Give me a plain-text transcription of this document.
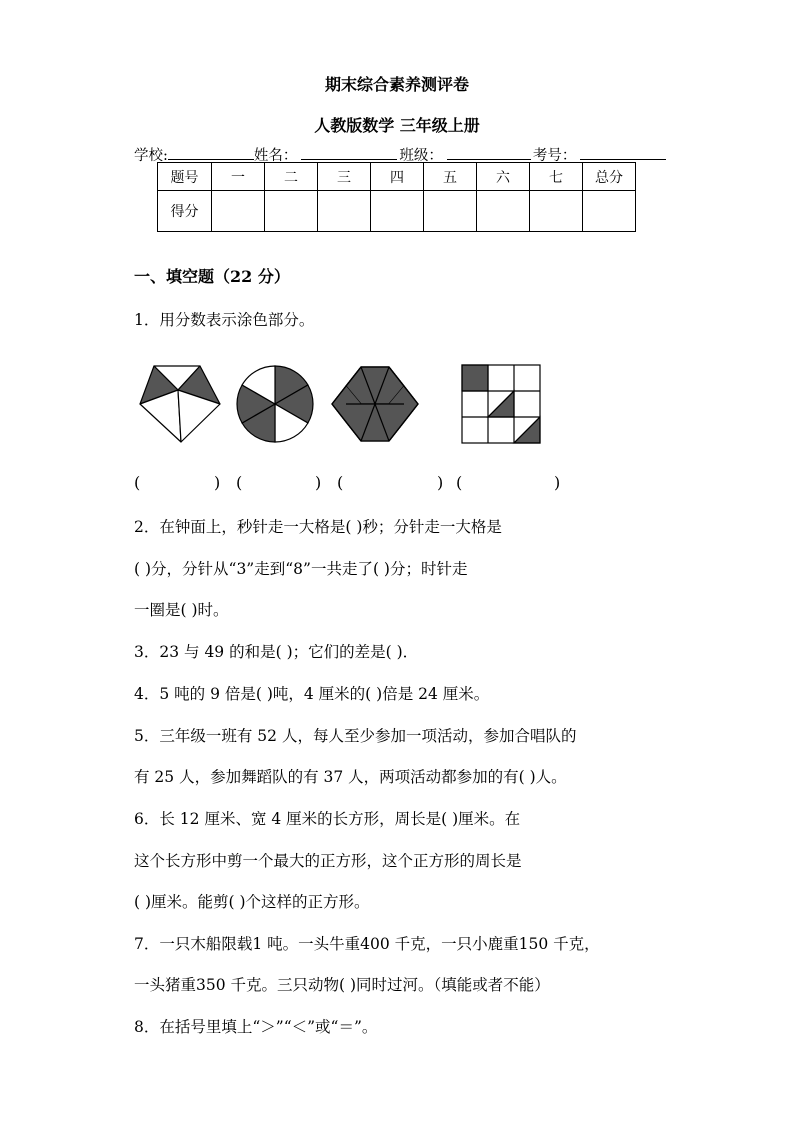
期末综合素养测评卷
人教版数学 三年级上册
学校:	姓名：	班级：	考号：
题号	一	二	三	四	五	六	七	总分
得分								
一、填空题（22 分）
1．用分数表示涂色部分。
(	) (	) (	) (	)
2．在钟面上，秒针走一大格是( )秒；分针走一大格是
( )分，分针从“3”走到“8”一共走了( )分；时针走
一圈是( )时。
3．23 与 49 的和是( )；它们的差是( )．
4．5 吨的 9 倍是( )吨，4 厘米的( )倍是 24 厘米。
5．三年级一班有 52 人，每人至少参加一项活动，参加合唱队的
有 25 人，参加舞蹈队的有 37 人，两项活动都参加的有( )人。
6．长 12 厘米、宽 4 厘米的长方形，周长是( )厘米。在
这个长方形中剪一个最大的正方形，这个正方形的周长是
( )厘米。能剪( )个这样的正方形。
7．一只木船限载1 吨。一头牛重400 千克，一只小鹿重150 千克，
一头猪重350 千克。三只动物( )同时过河。（填能或者不能）
8．在括号里填上“＞”“＜”或“＝”。
